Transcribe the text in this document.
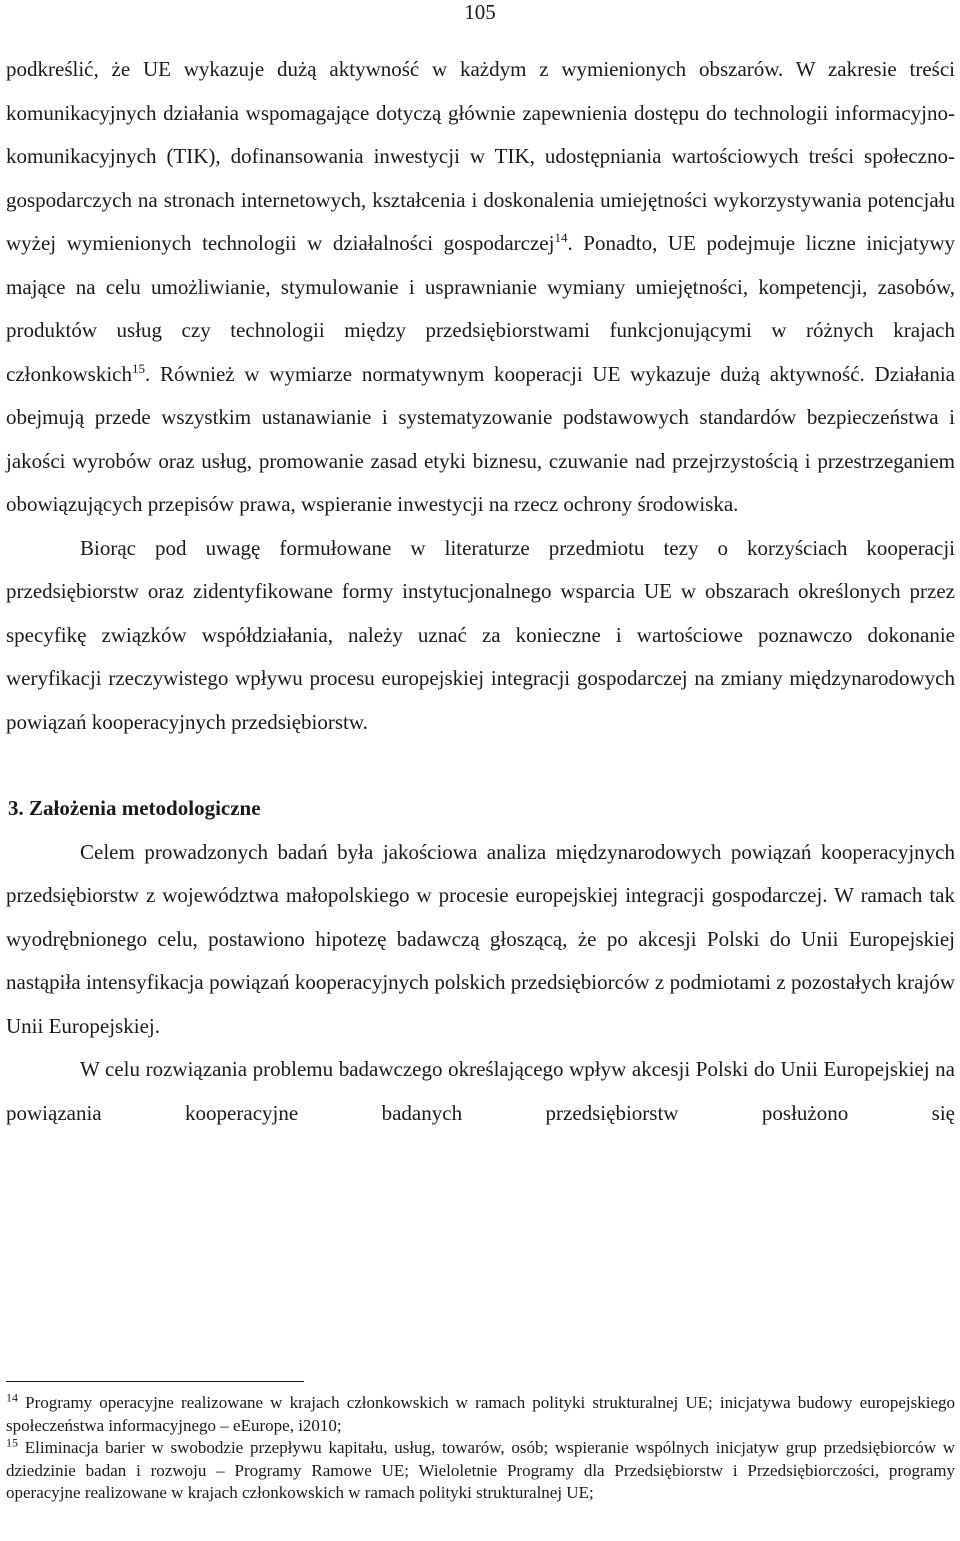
105

podkreślić, że UE wykazuje dużą aktywność w każdym z wymienionych obszarów. W zakresie treści komunikacyjnych działania wspomagające dotyczą głównie zapewnienia dostępu do technologii informacyjno-komunikacyjnych (TIK), dofinansowania inwestycji w TIK, udostępniania wartościowych treści społeczno-gospodarczych na stronach internetowych, kształcenia i doskonalenia umiejętności wykorzystywania potencjału wyżej wymienionych technologii w działalności gospodarczej$^{14}$. Ponadto, UE podejmuje liczne inicjatywy mające na celu umożliwianie, stymulowanie i usprawnianie wymiany umiejętności, kompetencji, zasobów, produktów usług czy technologii między przedsiębiorstwami funkcjonującymi w różnych krajach członkowskich$^{15}$. Również w wymiarze normatywnym kooperacji UE wykazuje dużą aktywność. Działania obejmują przede wszystkim ustanawianie i systematyzowanie podstawowych standardów bezpieczeństwa i jakości wyrobów oraz usług, promowanie zasad etyki biznesu, czuwanie nad przejrzystością i przestrzeganiem obowiązujących przepisów prawa, wspieranie inwestycji na rzecz ochrony środowiska.

Biorąc pod uwagę formułowane w literaturze przedmiotu tezy o korzyściach kooperacji przedsiębiorstw oraz zidentyfikowane formy instytucjonalnego wsparcia UE w obszarach określonych przez specyfikę związków współdziałania, należy uznać za konieczne i wartościowe poznawczo dokonanie weryfikacji rzeczywistego wpływu procesu europejskiej integracji gospodarczej na zmiany międzynarodowych powiązań kooperacyjnych przedsiębiorstw.

3. Założenia metodologiczne

Celem prowadzonych badań była jakościowa analiza międzynarodowych powiązań kooperacyjnych przedsiębiorstw z województwa małopolskiego w procesie europejskiej integracji gospodarczej. W ramach tak wyodrębnionego celu, postawiono hipotezę badawczą głoszącą, że po akcesji Polski do Unii Europejskiej nastąpiła intensyfikacja powiązań kooperacyjnych polskich przedsiębiorców z podmiotami z pozostałych krajów Unii Europejskiej.

W celu rozwiązania problemu badawczego określającego wpływ akcesji Polski do Unii Europejskiej na powiązania kooperacyjne badanych przedsiębiorstw posłużono się

$^{14}$ Programy operacyjne realizowane w krajach członkowskich w ramach polityki strukturalnej UE; inicjatywa budowy europejskiego społeczeństwa informacyjnego – eEurope, i2010;

$^{15}$ Eliminacja barier w swobodzie przepływu kapitału, usług, towarów, osób; wspieranie wspólnych inicjatyw grup przedsiębiorców w dziedzinie badan i rozwoju – Programy Ramowe UE; Wieloletnie Programy dla Przedsiębiorstw i Przedsiębiorczości, programy operacyjne realizowane w krajach członkowskich w ramach polityki strukturalnej UE;
